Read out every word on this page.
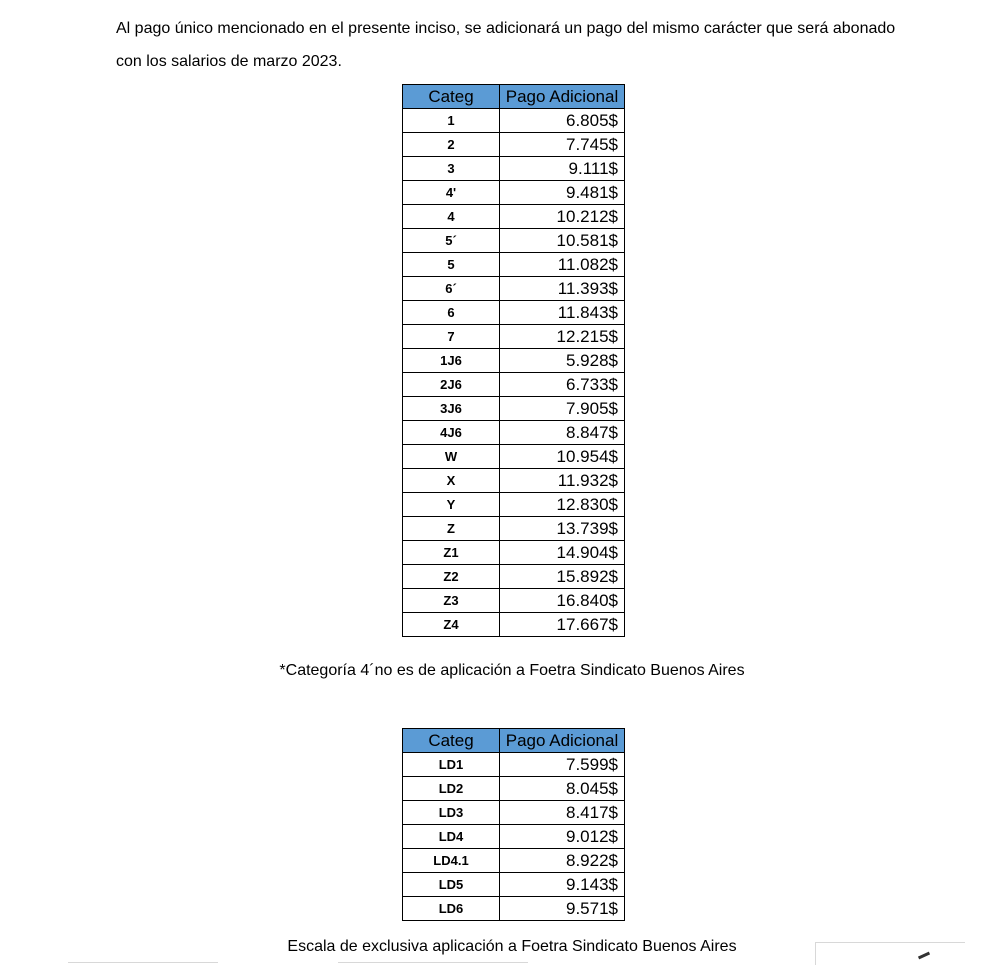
Al pago único mencionado en el presente inciso, se adicionará un pago del mismo carácter que será abonado

con los salarios de marzo 2023.

Categ	Pago Adicional
1	6.805$
2	7.745$
3	9.111$
4'	9.481$
4	10.212$
5´	10.581$
5	11.082$
6´	11.393$
6	11.843$
7	12.215$
1J6	5.928$
2J6	6.733$
3J6	7.905$
4J6	8.847$
W	10.954$
X	11.932$
Y	12.830$
Z	13.739$
Z1	14.904$
Z2	15.892$
Z3	16.840$
Z4	17.667$

*Categoría 4´no es de aplicación a Foetra Sindicato Buenos Aires

Categ	Pago Adicional
LD1	7.599$
LD2	8.045$
LD3	8.417$
LD4	9.012$
LD4.1	8.922$
LD5	9.143$
LD6	9.571$

Escala de exclusiva aplicación a Foetra Sindicato Buenos Aires
